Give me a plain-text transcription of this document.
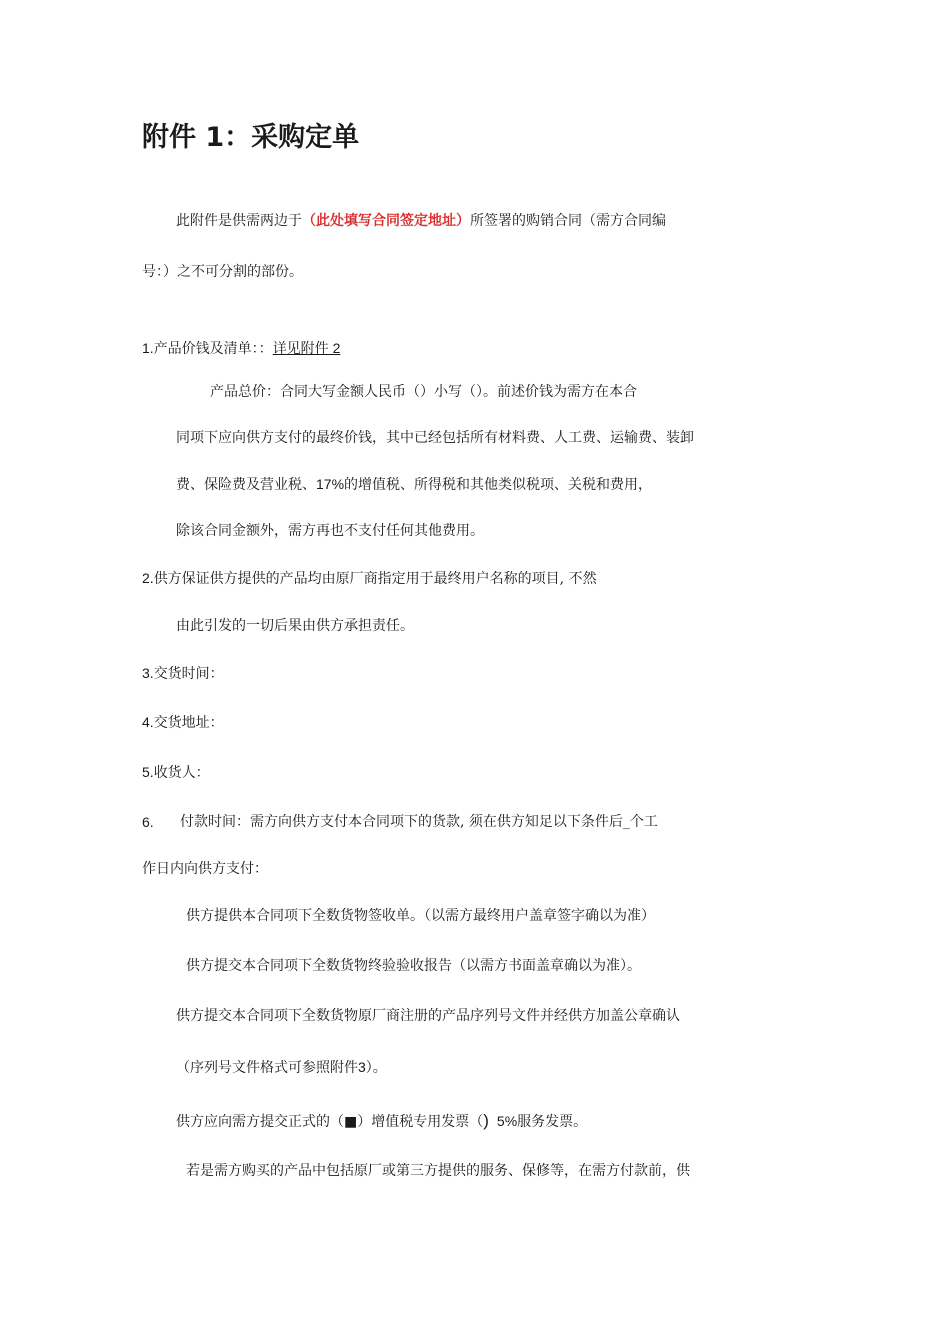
附件 1：采购定单
此附件是供需两边于（此处填写合同签定地址）所签署的购销合同（需方合同编
号：）之不可分割的部份。
1.产品价钱及清单：：详见附件 2
产品总价：合同大写金额人民币（）小写（）。前述价钱为需方在本合
同项下应向供方支付的最终价钱，其中已经包括所有材料费、人工费、运输费、装卸
费、保险费及营业税、17%的增值税、所得税和其他类似税项、关税和费用，
除该合同金额外，需方再也不支付任何其他费用。
2.供方保证供方提供的产品均由原厂商指定用于最终用户名称的项目, 不然
由此引发的一切后果由供方承担责任。
3.交货时间：
4.交货地址：
5.收货人：
6. 付款时间：需方向供方支付本合同项下的货款, 须在供方知足以下条件后_个工
作日内向供方支付：
供方提供本合同项下全数货物签收单。（以需方最终用户盖章签字确以为准）
供方提交本合同项下全数货物终验验收报告（以需方书面盖章确以为准）。
供方提交本合同项下全数货物原厂商注册的产品序列号文件并经供方加盖公章确认
（序列号文件格式可参照附件3）。
供方应向需方提交正式的（■）增值税专用发票（) 5%服务发票。
若是需方购买的产品中包括原厂或第三方提供的服务、保修等，在需方付款前，供
